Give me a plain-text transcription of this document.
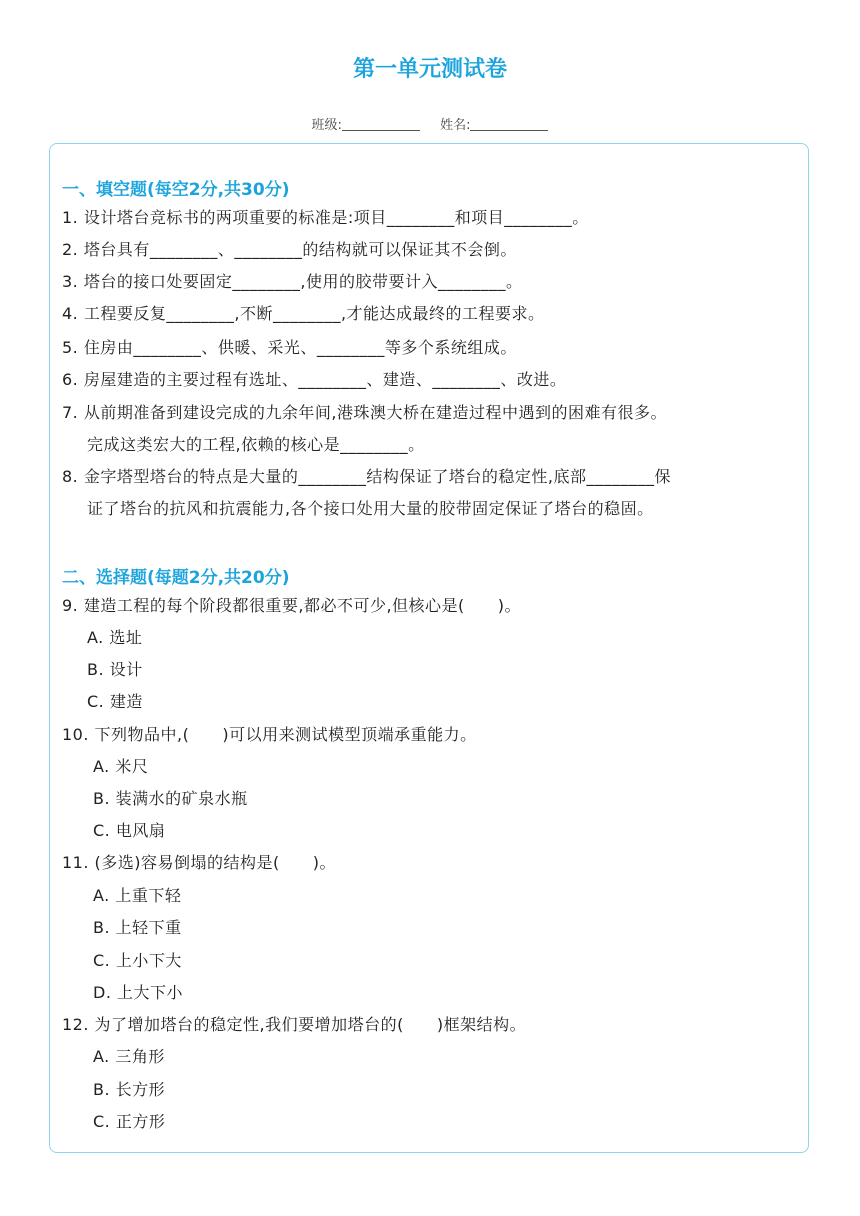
第一单元测试卷
班级:	姓名:
一、填空题(每空2分,共30分)
1. 设计塔台竞标书的两项重要的标准是:项目________和项目________。
2. 塔台具有________、________的结构就可以保证其不会倒。
3. 塔台的接口处要固定________,使用的胶带要计入________。
4. 工程要反复________,不断________,才能达成最终的工程要求。
5. 住房由________、供暖、采光、________等多个系统组成。
6. 房屋建造的主要过程有选址、________、建造、________、改进。
7. 从前期准备到建设完成的九余年间,港珠澳大桥在建造过程中遇到的困难有很多。
完成这类宏大的工程,依赖的核心是________。
8. 金字塔型塔台的特点是大量的________结构保证了塔台的稳定性,底部________保
证了塔台的抗风和抗震能力,各个接口处用大量的胶带固定保证了塔台的稳固。
二、选择题(每题2分,共20分)
9. 建造工程的每个阶段都很重要,都必不可少,但核心是(　　)。
A. 选址
B. 设计
C. 建造
10. 下列物品中,(　　)可以用来测试模型顶端承重能力。
A. 米尺
B. 装满水的矿泉水瓶
C. 电风扇
11. (多选)容易倒塌的结构是(　　)。
A. 上重下轻
B. 上轻下重
C. 上小下大
D. 上大下小
12. 为了增加塔台的稳定性,我们要增加塔台的(　　)框架结构。
A. 三角形
B. 长方形
C. 正方形
